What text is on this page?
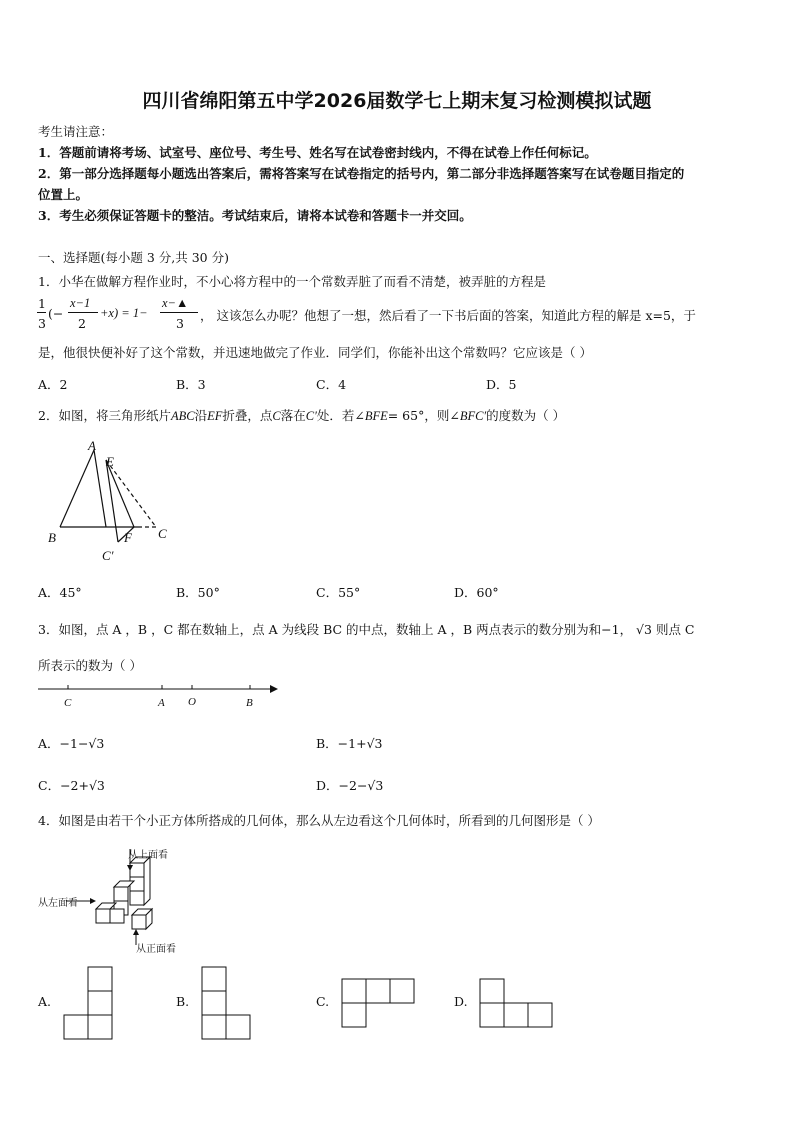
四川省绵阳第五中学2026届数学七上期末复习检测模拟试题
考生请注意：
1．答题前请将考场、试室号、座位号、考生号、姓名写在试卷密封线内，不得在试卷上作任何标记。
2．第一部分选择题每小题选出答案后，需将答案写在试卷指定的括号内，第二部分非选择题答案写在试卷题目指定的
位置上。
3．考生必须保证答题卡的整洁。考试结束后，请将本试卷和答题卡一并交回。
一、选择题(每小题 3 分,共 30 分)
1．小华在做解方程作业时，不小心将方程中的一个常数弄脏了而看不清楚，被弄脏的方程是
1
3
(−
x−1
2
+x) = 1−
x−▲
3
， 这该怎么办呢？他想了一想，然后看了一下书后面的答案，知道此方程的解是 x=5，于
是，他很快便补好了这个常数，并迅速地做完了作业．同学们，你能补出这个常数吗？它应该是（ ）
A．2	B．3	C．4	D．5
2．如图，将三角形纸片ABC沿EF折叠，点C落在C′处．若∠BFE= 65°，则∠BFC′的度数为（ ）
A
E
B	F C
C′
A．45°	B．50°	C．55°	D．60°
3．如图，点 A ，B ，C 都在数轴上，点 A 为线段 BC 的中点，数轴上 A ，B 两点表示的数分别为和−1， √3 则点 C
所表示的数为（ ）
C	A O	B
A．−1−√3	B．−1+√3
C．−2+√3	D．−2−√3
4．如图是由若干个小正方体所搭成的几何体，那么从左边看这个几何体时，所看到的几何图形是（ ）
从上面看
从左面看
从正面看
A.	B.	C.	D.
